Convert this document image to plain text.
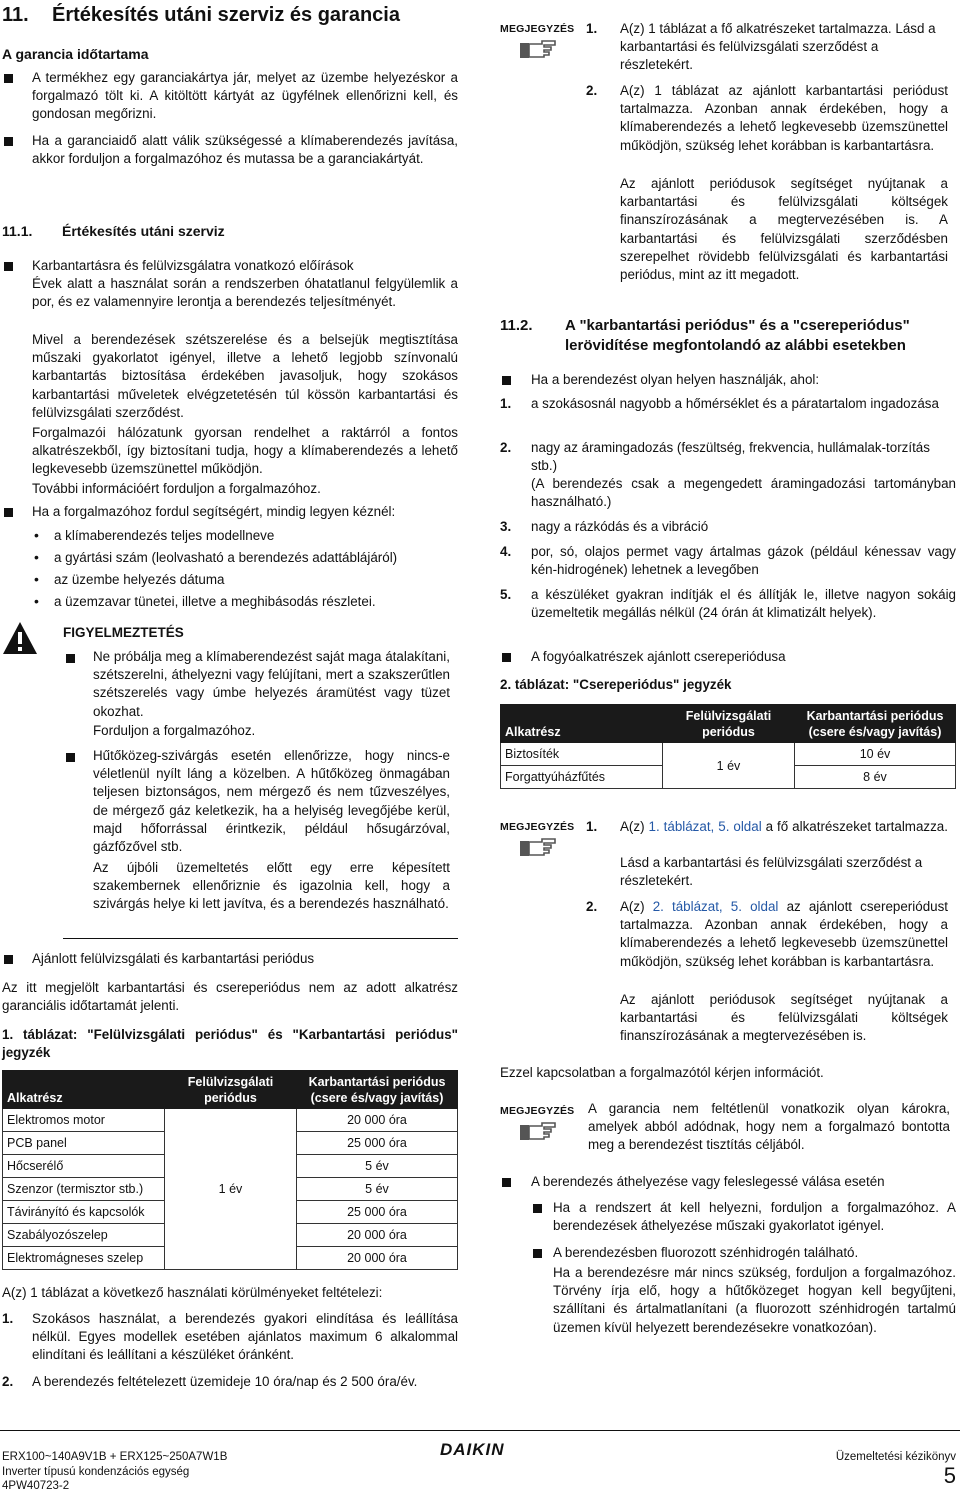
11. Értékesítés utáni szerviz és garancia
A garancia időtartama
A termékhez egy garanciakártya jár, melyet az üzembe helyezéskor a forgalmazó tölt ki. A kitöltött kártyát az ügyfélnek ellenőrizni kell, és gondosan megőrizni.
Ha a garanciaidő alatt válik szükségessé a klímaberendezés javítása, akkor forduljon a forgalmazóhoz és mutassa be a garanciakártyát.
11.1. Értékesítés utáni szerviz
Karbantartásra és felülvizsgálatra vonatkozó előírások
Évek alatt a használat során a rendszerben óhatatlanul felgyülemlik a por, és ez valamennyire lerontja a berendezés teljesítményét.
Mivel a berendezések szétszerelése és a belsejük megtisztítása műszaki gyakorlatot igényel, illetve a lehető legjobb színvonalú karbantartás biztosítása érdekében javasoljuk, hogy szokásos karbantartási műveletek elvégzetetésén túl kössön karbantartási és felülvizsgálati szerződést.
Forgalmazói hálózatunk gyorsan rendelhet a raktárról a fontos alkatrészekből, így biztosítani tudja, hogy a klímaberendezés a lehető legkevesebb üzemszünettel működjön.
További információért forduljon a forgalmazóhoz.
Ha a forgalmazóhoz fordul segítségért, mindig legyen kéznél:
• a klímaberendezés teljes modellneve
• a gyártási szám (leolvasható a berendezés adattáblájáról)
• az üzembe helyezés dátuma
• a üzemzavar tünetei, illetve a meghibásodás részletei.
FIGYELMEZTETÉS
Ne próbálja meg a klímaberendezést saját maga átalakítani, szétszerelni, áthelyezni vagy felújítani, mert a szakszerűtlen szétszerelés vagy úmbe helyezés áramütést vagy tüzet okozhat.
Forduljon a forgalmazóhoz.
Hűtőközeg-szivárgás esetén ellenőrizze, hogy nincs-e véletlenül nyílt láng a közelben. A hűtőközeg önmagában teljesen biztonságos, nem mérgező és nem tűzveszélyes, de mérgező gáz keletkezik, ha a helyiség levegőjébe kerül, majd hőforrással érintkezik, például hősugárzóval, gázfőzővel stb.
Az újbóli üzemeltetés előtt egy erre képesített szakembernek ellenőriznie és igazolnia kell, hogy a szivárgás helye ki lett javítva, és a berendezés használható.
Ajánlott felülvizsgálati és karbantartási periódus
Az itt megjelölt karbantartási és csereperiódus nem az adott alkatrész garanciális időtartamát jelenti.
1. táblázat: "Felülvizsgálati periódus" és "Karbantartási periódus" jegyzék
Alkatrész	Felülvizsgálati periódus	Karbantartási periódus (csere és/vagy javítás)
Elektromos motor	1 év	20 000 óra
PCB panel		25 000 óra
Hőcserélő		5 év
Szenzor (termisztor stb.)		5 év
Távirányító és kapcsolók		25 000 óra
Szabályozószelep		20 000 óra
Elektromágneses szelep		20 000 óra
A(z) 1 táblázat a következő használati körülményeket feltételezi:
1. Szokásos használat, a berendezés gyakori elindítása és leállítása nélkül. Egyes modellek esetében ajánlatos maximum 6 alkalommal elindítani és leállítani a készüléket óránként.
2. A berendezés feltételezett üzemideje 10 óra/nap és 2 500 óra/év.
MEGJEGYZÉS 1. A(z) 1 táblázat a fő alkatrészeket tartalmazza. Lásd a karbantartási és felülvizsgálati szerződést a részletekért.
2. A(z) 1 táblázat az ajánlott karbantartási periódust tartalmazza. Azonban annak érdekében, hogy a klímaberendezés a lehető legkevesebb üzemszünettel működjön, szükség lehet korábban is karbantartásra.
Az ajánlott periódusok segítséget nyújtanak a karbantartási és felülvizsgálati költségek finanszírozásának a megtervezésében is. A karbantartási és felülvizsgálati szerződésben szerepelhet rövidebb felülvizsgálati és karbantartási periódus, mint az itt megadott.
11.2. A "karbantartási periódus" és a "csereperiódus" lerövidítése megfontolandó az alábbi esetekben
Ha a berendezést olyan helyen használják, ahol:
1. a szokásosnál nagyobb a hőmérséklet és a páratartalom ingadozása
2. nagy az áramingadozás (feszültség, frekvencia, hullámalak-torzítás stb.)
(A berendezés csak a megengedett áramingadozási tartományban használható.)
3. nagy a rázkódás és a vibráció
4. por, só, olajos permet vagy ártalmas gázok (például kénessav vagy kén-hidrogének) lehetnek a levegőben
5. a készüléket gyakran indítják el és állítják le, illetve nagyon sokáig üzemeltetik megállás nélkül (24 órán át klimatizált helyek).
A fogyóalkatrészek ajánlott csereperiódusa
2. táblázat: "Csereperiódus" jegyzék
Alkatrész	Felülvizsgálati periódus	Karbantartási periódus (csere és/vagy javítás)
Biztosíték	1 év	10 év
Forgattyúházfűtés		8 év
MEGJEGYZÉS 1. A(z) 1. táblázat, 5. oldal a fő alkatrészeket tartalmazza.
Lásd a karbantartási és felülvizsgálati szerződést a részletekért.
2. A(z) 2. táblázat, 5. oldal az ajánlott csereperiódust tartalmazza. Azonban annak érdekében, hogy a klímaberendezés a lehető legkevesebb üzemszünettel működjön, szükség lehet korábban is karbantartásra.
Az ajánlott periódusok segítséget nyújtanak a karbantartási és felülvizsgálati költségek finanszírozásának a megtervezésében is.
Ezzel kapcsolatban a forgalmazótól kérjen információt.
MEGJEGYZÉS A garancia nem feltétlenül vonatkozik olyan károkra, amelyek abból adódnak, hogy nem a forgalmazó bontotta meg a berendezést tisztítás céljából.
A berendezés áthelyezése vagy feleslegessé válása esetén
Ha a rendszert át kell helyezni, forduljon a forgalmazóhoz. A berendezések áthelyezése műszaki gyakorlatot igényel.
A berendezésben fluorozott szénhidrogén található.
Ha a berendezésre már nincs szükség, forduljon a forgalmazóhoz. Törvény írja elő, hogy a hűtőközeget hogyan kell begyűjteni, szállítani és ártalmatlanítani (a fluorozott szénhidrogén tartalmú üzemen kívül helyezett berendezésekre vonatkozóan).
ERX100~140A9V1B + ERX125~250A7W1B
Inverter típusú kondenzációs egység
4PW40723-2
DAIKIN	Üzemeltetési kézikönyv
5
